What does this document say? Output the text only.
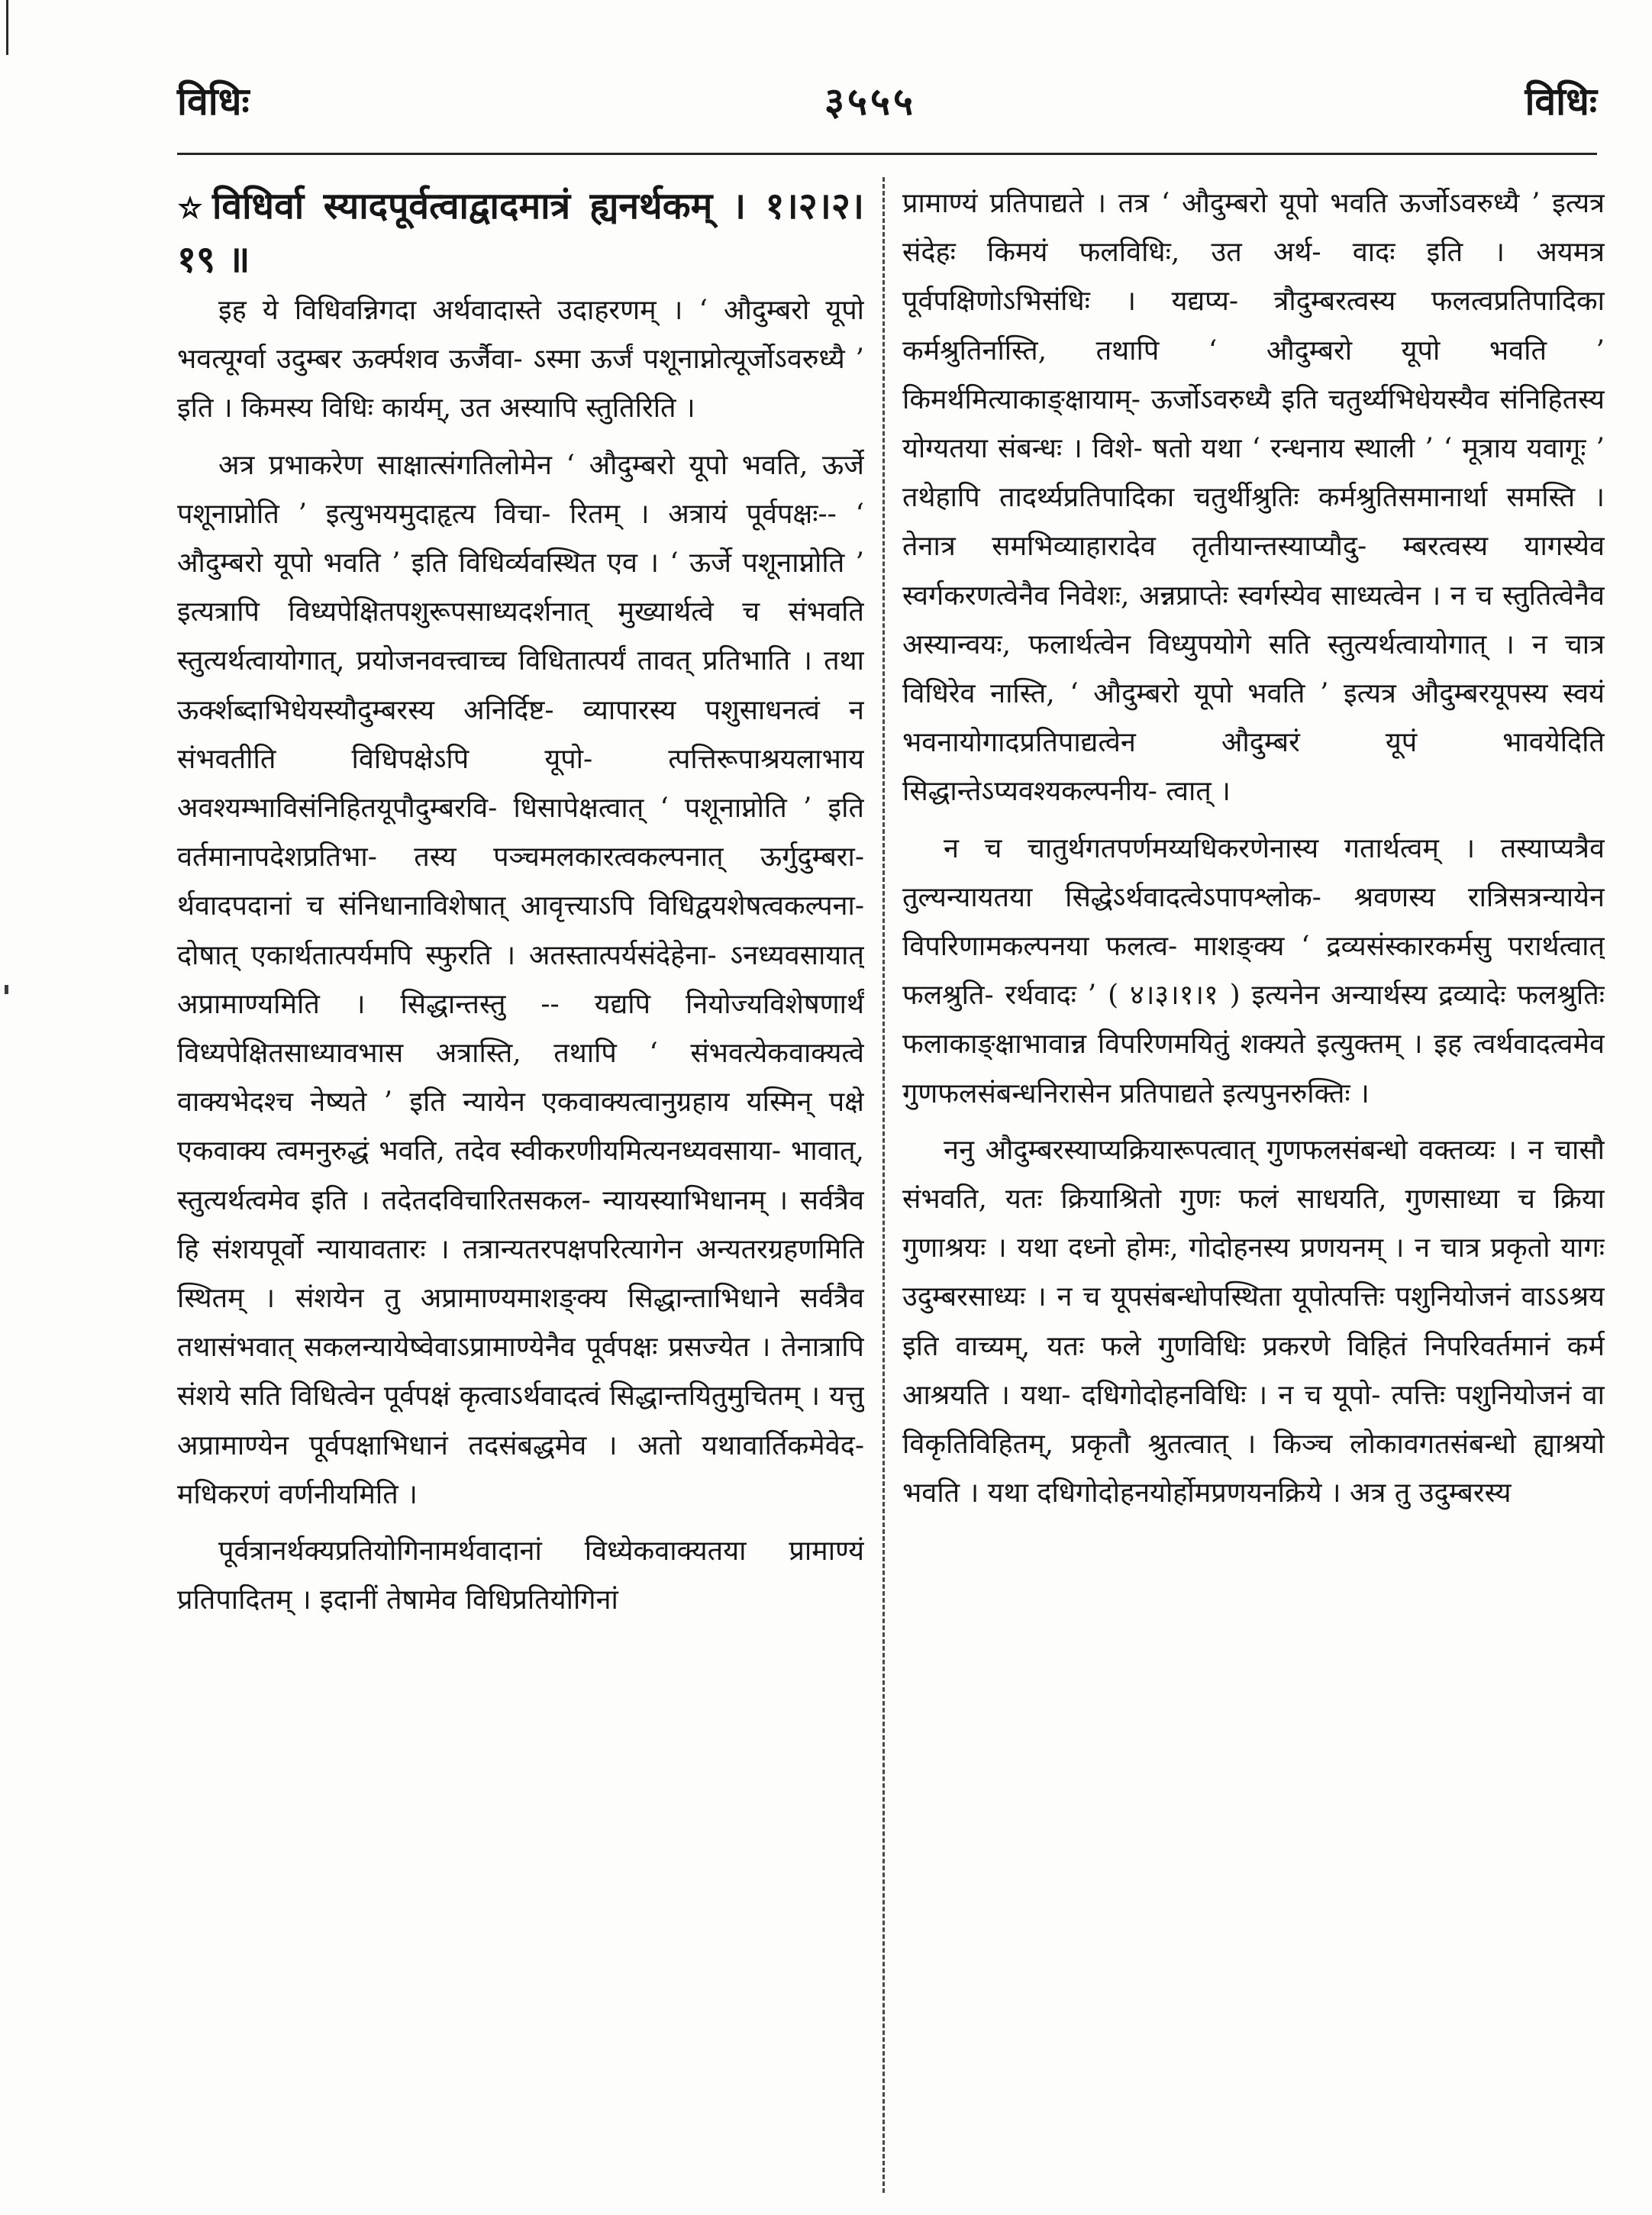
विधिः	३५५५	विधिः

विधिर्वा स्यादपूर्वत्वाद्वादमात्रं ह्यनर्थकम् । १।२।२।१९ ॥

इह ये विधिवन्निगदा अर्थवादास्ते उदाहरणम् । ‘ औदुम्बरो यूपो भवत्यूर्ग्वा उदुम्बर ऊर्क्पशव ऊर्जैवा- ऽस्मा ऊर्जं पशूनाप्नोत्यूर्जोऽवरुध्यै ’ इति । किमस्य विधिः कार्यम्, उत अस्यापि स्तुतिरिति ।

अत्र प्रभाकरेण साक्षात्संगतिलोमेन ‘ औदुम्बरो यूपो भवति, ऊर्जे पशूनाप्नोति ’ इत्युभयमुदाहृत्य विचा- रितम् । अत्रायं पूर्वपक्षः-- ‘ औदुम्बरो यूपो भवति ’ इति विधिर्व्यवस्थित एव । ‘ ऊर्जे पशूनाप्नोति ’ इत्यत्रापि विध्यपेक्षितपशुरूपसाध्यदर्शनात् मुख्यार्थत्वे च संभवति स्तुत्यर्थत्वायोगात्, प्रयोजनवत्त्वाच्च विधितात्पर्यं तावत् प्रतिभाति । तथा ऊर्क्शब्दाभिधेयस्यौदुम्बरस्य अनिर्दिष्ट- व्यापारस्य पशुसाधनत्वं न संभवतीति विधिपक्षेऽपि यूपो- त्पत्तिरूपाश्रयलाभाय अवश्यम्भाविसंनिहितयूपौदुम्बरवि- धिसापेक्षत्वात् ‘ पशूनाप्नोति ’ इति वर्तमानापदेशप्रतिभा- तस्य पञ्चमलकारत्वकल्पनात् ऊर्गुदुम्बरा-र्थवादपदानां च संनिधानाविशेषात् आवृत्त्याऽपि विधिद्वयशेषत्वकल्पना- दोषात् एकार्थतात्पर्यमपि स्फुरति । अतस्तात्पर्यसंदेहेना- ऽनध्यवसायात् अप्रामाण्यमिति । सिद्धान्तस्तु -- यद्यपि नियोज्यविशेषणार्थं विध्यपेक्षितसाध्यावभास अत्रास्ति, तथापि ‘ संभवत्येकवाक्यत्वे वाक्यभेदश्च नेष्यते ’ इति न्यायेन एकवाक्यत्वानुग्रहाय यस्मिन् पक्षे एकवाक्य त्वमनुरुद्धं भवति, तदेव स्वीकरणीयमित्यनध्यवसाया- भावात्, स्तुत्यर्थत्वमेव इति । तदेतदविचारितसकल- न्यायस्याभिधानम् । सर्वत्रैव हि संशयपूर्वो न्यायावतारः । तत्रान्यतरपक्षपरित्यागेन अन्यतरग्रहणमिति स्थितम् । संशयेन तु अप्रामाण्यमाशङ्क्य सिद्धान्ताभिधाने सर्वत्रैव तथासंभवात् सकलन्यायेष्वेवाऽप्रामाण्येनैव पूर्वपक्षः प्रसज्येत । तेनात्रापि संशये सति विधित्वेन पूर्वपक्षं कृत्वाऽर्थवादत्वं सिद्धान्तयितुमुचितम् । यत्तु अप्रामाण्येन पूर्वपक्षाभिधानं तदसंबद्धमेव । अतो यथावार्तिकमेवेद- मधिकरणं वर्णनीयमिति ।

पूर्वत्रानर्थक्यप्रतियोगिनामर्थवादानां विध्येकवाक्यतया प्रामाण्यं प्रतिपादितम् । इदानीं तेषामेव विधिप्रतियोगिनां

प्रामाण्यं प्रतिपाद्यते । तत्र ‘ औदुम्बरो यूपो भवति ऊर्जोऽवरुध्यै ’ इत्यत्र संदेहः किमयं फलविधिः, उत अर्थ- वादः इति । अयमत्र पूर्वपक्षिणोऽभिसंधिः । यद्यप्य- त्रौदुम्बरत्वस्य फलत्वप्रतिपादिका कर्मश्रुतिर्नास्ति, तथापि ‘ औदुम्बरो यूपो भवति ’ किमर्थमित्याकाङ्क्षायाम्- ऊर्जोऽवरुध्यै इति चतुर्थ्यभिधेयस्यैव संनिहितस्य योग्यतया संबन्धः । विशे- षतो यथा ‘ रन्धनाय स्थाली ’ ‘ मूत्राय यवागूः ’ तथेहापि तादर्थ्यप्रतिपादिका चतुर्थीश्रुतिः कर्मश्रुतिसमानार्था समस्ति । तेनात्र समभिव्याहारादेव तृतीयान्तस्याप्यौदु- म्बरत्वस्य यागस्येव स्वर्गकरणत्वेनैव निवेशः, अन्नप्राप्तेः स्वर्गस्येव साध्यत्वेन । न च स्तुतित्वेनैव अस्यान्वयः, फलार्थत्वेन विध्युपयोगे सति स्तुत्यर्थत्वायोगात् । न चात्र विधिरेव नास्ति, ‘ औदुम्बरो यूपो भवति ’ इत्यत्र औदुम्बरयूपस्य स्वयं भवनायोगादप्रतिपाद्यत्वेन औदुम्बरं यूपं भावयेदिति सिद्धान्तेऽप्यवश्यकल्पनीय- त्वात् ।

न च चातुर्थगतपर्णमय्यधिकरणेनास्य गतार्थत्वम् । तस्याप्यत्रैव तुल्यन्यायतया सिद्धेऽर्थवादत्वेऽपापश्लोक- श्रवणस्य रात्रिसत्रन्यायेन विपरिणामकल्पनया फलत्व- माशङ्क्य ‘ द्रव्यसंस्कारकर्मसु परार्थत्वात् फलश्रुति- रर्थवादः ’ ( ४।३।१।१ ) इत्यनेन अन्यार्थस्य द्रव्यादेः फलश्रुतिः फलाकाङ्क्षाभावान्न विपरिणमयितुं शक्यते इत्युक्तम् । इह त्वर्थवादत्वमेव गुणफलसंबन्धनिरासेन प्रतिपाद्यते इत्यपुनरुक्तिः ।

ननु औदुम्बरस्याप्यक्रियारूपत्वात् गुणफलसंबन्धो वक्तव्यः । न चासौ संभवति, यतः क्रियाश्रितो गुणः फलं साधयति, गुणसाध्या च क्रिया गुणाश्रयः । यथा दध्नो होमः, गोदोहनस्य प्रणयनम् । न चात्र प्रकृतो यागः उदुम्बरसाध्यः । न च यूपसंबन्धोपस्थिता यूपोत्पत्तिः पशुनियोजनं वाऽऽश्रय इति वाच्यम्, यतः फले गुणविधिः प्रकरणे विहितं निपरिवर्तमानं कर्म आश्रयति । यथा- दधिगोदोहनविधिः । न च यूपो- त्पत्तिः पशुनियोजनं वा विकृतिविहितम्, प्रकृतौ श्रुतत्वात् । किञ्च लोकावगतसंबन्धो ह्याश्रयो भवति । यथा दधिगोदोहनयोर्होमप्रणयनक्रिये । अत्र तु उदुम्बरस्य
